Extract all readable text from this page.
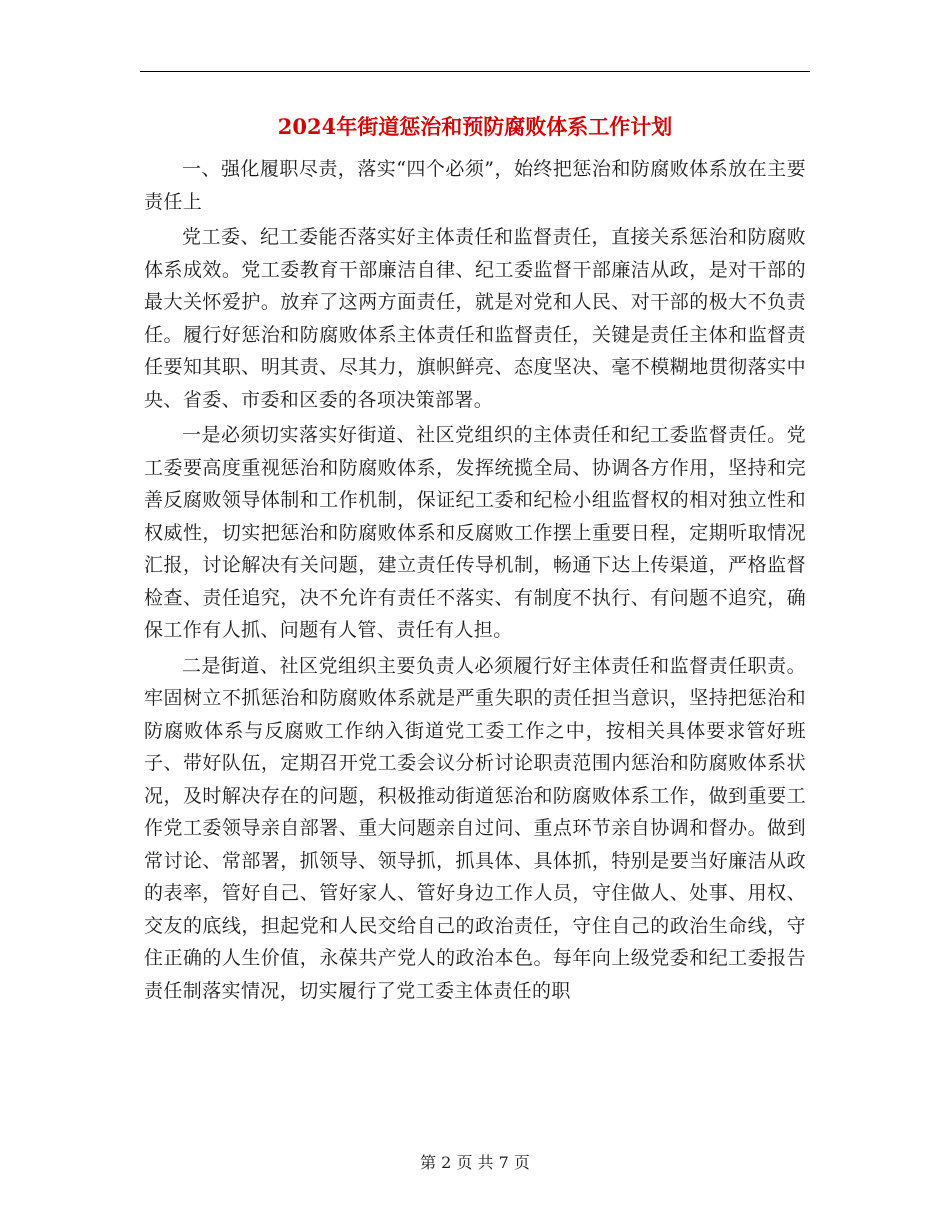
2024年街道惩治和预防腐败体系工作计划

一、强化履职尽责，落实“四个必须”，始终把惩治和防腐败体系放在主要责任上

党工委、纪工委能否落实好主体责任和监督责任，直接关系惩治和防腐败体系成效。党工委教育干部廉洁自律、纪工委监督干部廉洁从政，是对干部的最大关怀爱护。放弃了这两方面责任，就是对党和人民、对干部的极大不负责任。履行好惩治和防腐败体系主体责任和监督责任，关键是责任主体和监督责任要知其职、明其责、尽其力，旗帜鲜亮、态度坚决、毫不模糊地贯彻落实中央、省委、市委和区委的各项决策部署。

一是必须切实落实好街道、社区党组织的主体责任和纪工委监督责任。党工委要高度重视惩治和防腐败体系，发挥统揽全局、协调各方作用，坚持和完善反腐败领导体制和工作机制，保证纪工委和纪检小组监督权的相对独立性和权威性，切实把惩治和防腐败体系和反腐败工作摆上重要日程，定期听取情况汇报，讨论解决有关问题，建立责任传导机制，畅通下达上传渠道，严格监督检查、责任追究，决不允许有责任不落实、有制度不执行、有问题不追究，确保工作有人抓、问题有人管、责任有人担。

二是街道、社区党组织主要负责人必须履行好主体责任和监督责任职责。牢固树立不抓惩治和防腐败体系就是严重失职的责任担当意识，坚持把惩治和防腐败体系与反腐败工作纳入街道党工委工作之中，按相关具体要求管好班子、带好队伍，定期召开党工委会议分析讨论职责范围内惩治和防腐败体系状况，及时解决存在的问题，积极推动街道惩治和防腐败体系工作，做到重要工作党工委领导亲自部署、重大问题亲自过问、重点环节亲自协调和督办。做到常讨论、常部署，抓领导、领导抓，抓具体、具体抓，特别是要当好廉洁从政的表率，管好自己、管好家人、管好身边工作人员，守住做人、处事、用权、交友的底线，担起党和人民交给自己的政治责任，守住自己的政治生命线，守住正确的人生价值，永葆共产党人的政治本色。每年向上级党委和纪工委报告责任制落实情况，切实履行了党工委主体责任的职

第 2 页 共 7 页
